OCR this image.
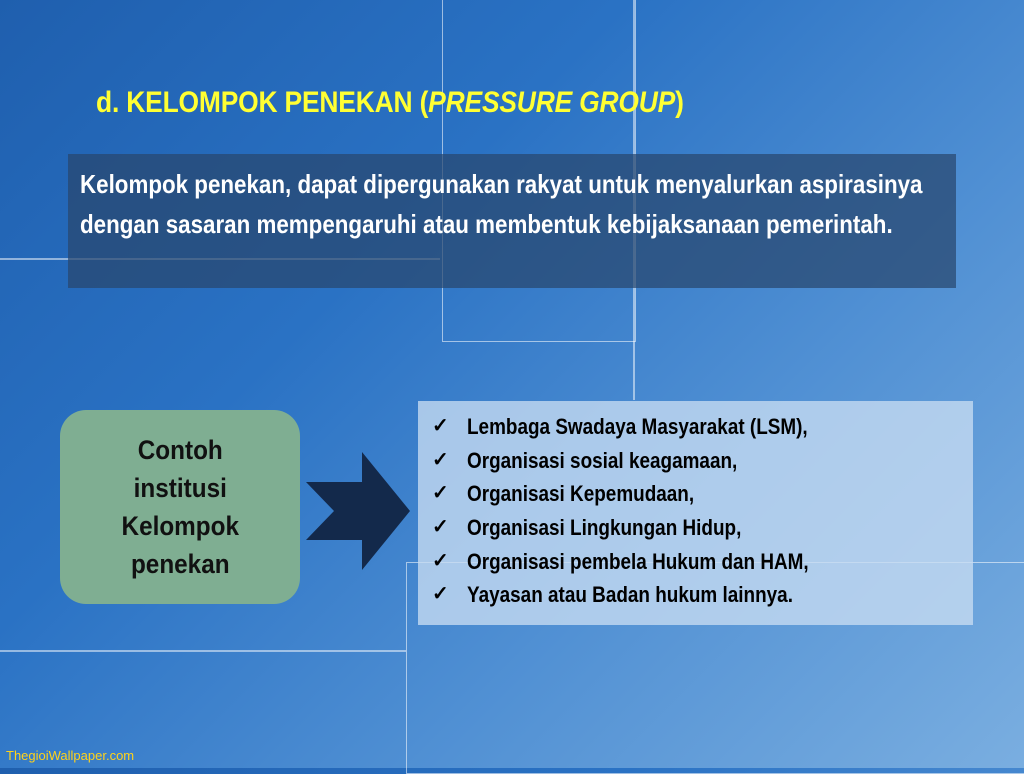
d. KELOMPOK PENEKAN (PRESSURE GROUP)
Kelompok penekan, dapat dipergunakan rakyat untuk menyalurkan aspirasinya dengan sasaran mempengaruhi atau membentuk kebijaksanaan pemerintah.
Contoh
institusi
Kelompok
penekan
✓ Lembaga Swadaya Masyarakat (LSM),
✓ Organisasi sosial keagamaan,
✓ Organisasi Kepemudaan,
✓ Organisasi Lingkungan Hidup,
✓ Organisasi pembela Hukum dan HAM,
✓ Yayasan atau Badan hukum lainnya.
ThegioiWallpaper.com
